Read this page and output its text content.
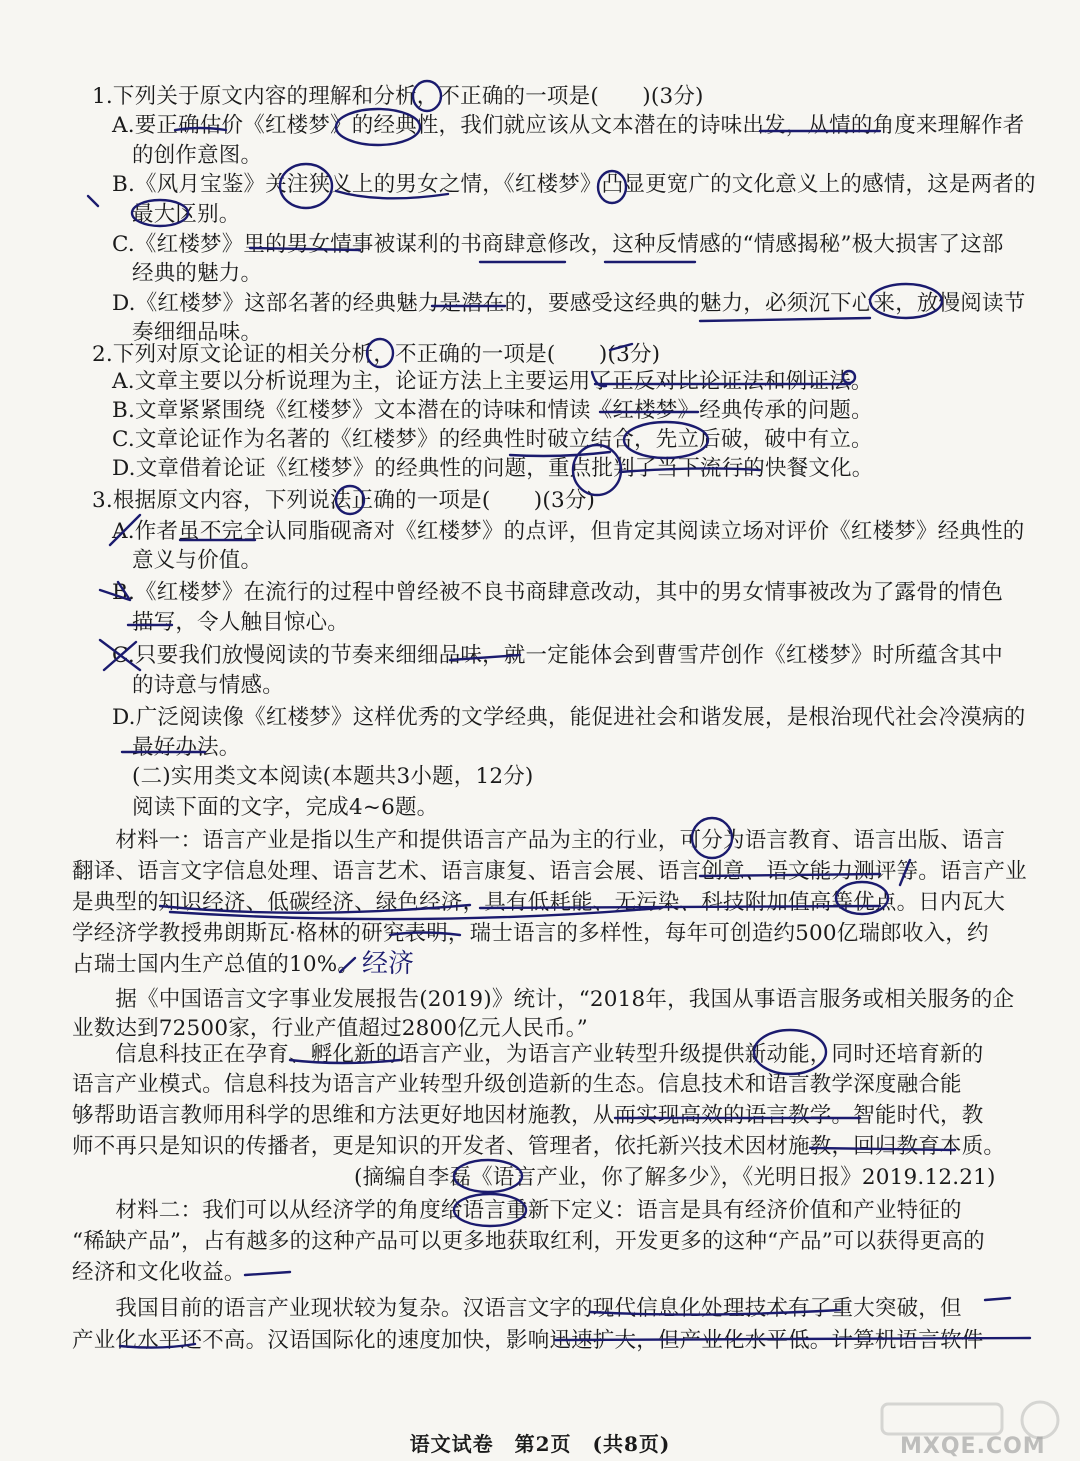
1.下列关于原文内容的理解和分析，不正确的一项是(　　)(3分)
A.要正确估价《红楼梦》的经典性，我们就应该从文本潜在的诗味出发，从情的角度来理解作者
的创作意图。
B.《风月宝鉴》关注狭义上的男女之情，《红楼梦》凸显更宽广的文化意义上的感情，这是两者的
最大区别。
C.《红楼梦》里的男女情事被谋利的书商肆意修改，这种反情感的“情感揭秘”极大损害了这部
经典的魅力。
D.《红楼梦》这部名著的经典魅力是潜在的，要感受这经典的魅力，必须沉下心来，放慢阅读节
奏细细品味。
2.下列对原文论证的相关分析，不正确的一项是(　　)(3分)
A.文章主要以分析说理为主，论证方法上主要运用了正反对比论证法和例证法。
B.文章紧紧围绕《红楼梦》文本潜在的诗味和情读《红楼梦》经典传承的问题。
C.文章论证作为名著的《红楼梦》的经典性时破立结合，先立后破，破中有立。
D.文章借着论证《红楼梦》的经典性的问题，重点批判了当下流行的快餐文化。
3.根据原文内容，下列说法正确的一项是(　　)(3分)
A.作者虽不完全认同脂砚斋对《红楼梦》的点评，但肯定其阅读立场对评价《红楼梦》经典性的
意义与价值。
B.《红楼梦》在流行的过程中曾经被不良书商肆意改动，其中的男女情事被改为了露骨的情色
描写，令人触目惊心。
C.只要我们放慢阅读的节奏来细细品味，就一定能体会到曹雪芹创作《红楼梦》时所蕴含其中
的诗意与情感。
D.广泛阅读像《红楼梦》这样优秀的文学经典，能促进社会和谐发展，是根治现代社会冷漠病的
最好办法。
(二)实用类文本阅读(本题共3小题，12分)
阅读下面的文字，完成4~6题。
　　材料一：语言产业是指以生产和提供语言产品为主的行业，可分为语言教育、语言出版、语言
翻译、语言文字信息处理、语言艺术、语言康复、语言会展、语言创意、语文能力测评等。语言产业
是典型的知识经济、低碳经济、绿色经济，具有低耗能、无污染、科技附加值高等优点。日内瓦大
学经济学教授弗朗斯瓦·格林的研究表明，瑞士语言的多样性，每年可创造约500亿瑞郎收入，约
占瑞士国内生产总值的10%。
　　据《中国语言文字事业发展报告(2019)》统计，“2018年，我国从事语言服务或相关服务的企
业数达到72500家，行业产值超过2800亿元人民币。”
　　信息科技正在孕育、孵化新的语言产业，为语言产业转型升级提供新动能，同时还培育新的
语言产业模式。信息科技为语言产业转型升级创造新的生态。信息技术和语言教学深度融合能
够帮助语言教师用科学的思维和方法更好地因材施教，从而实现高效的语言教学。智能时代，教
师不再只是知识的传播者，更是知识的开发者、管理者，依托新兴技术因材施教，回归教育本质。
(摘编自李磊《语言产业，你了解多少》，《光明日报》2019.12.21)
　　材料二：我们可以从经济学的角度给语言重新下定义：语言是具有经济价值和产业特征的
“稀缺产品”，占有越多的这种产品可以更多地获取红利，开发更多的这种“产品”可以获得更高的
经济和文化收益。
　　我国目前的语言产业现状较为复杂。汉语言文字的现代信息化处理技术有了重大突破，但
产业化水平还不高。汉语国际化的速度加快，影响迅速扩大，但产业化水平低。计算机语言软件
语文试卷　第2页　(共8页)	MXQE.COM
经济
